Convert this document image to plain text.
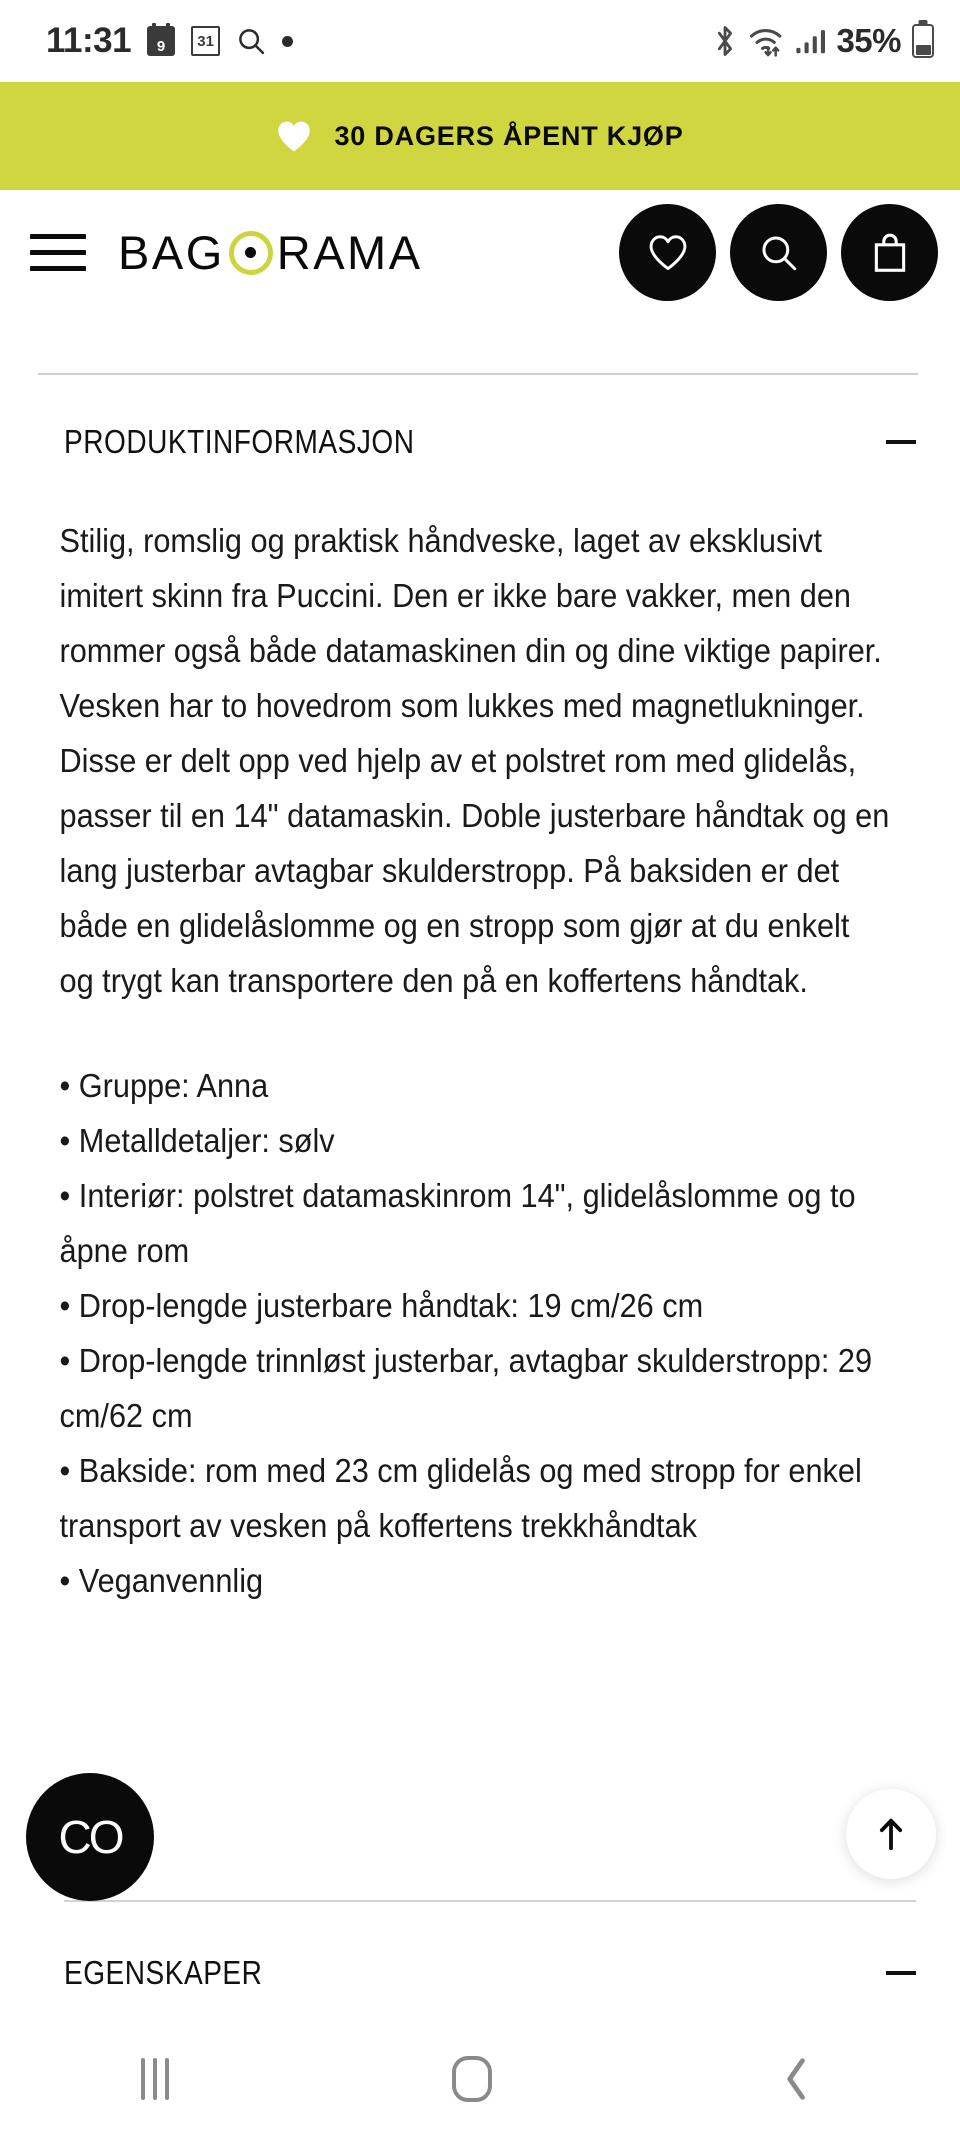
11:31 9 31	35%
30 DAGERS ÅPENT KJØP
BAG RAMA
PRODUKTINFORMASJON

Stilig, romslig og praktisk håndveske, laget av eksklusivt imitert skinn fra Puccini. Den er ikke bare vakker, men den rommer også både datamaskinen din og dine viktige papirer. Vesken har to hovedrom som lukkes med magnetlukninger. Disse er delt opp ved hjelp av et polstret rom med glidelås, passer til en 14" datamaskin. Doble justerbare håndtak og en lang justerbar avtagbar skulderstropp. På baksiden er det både en glidelåslomme og en stropp som gjør at du enkelt og trygt kan transportere den på en koffertens håndtak.

• Gruppe: Anna
• Metalldetaljer: sølv
• Interiør: polstret datamaskinrom 14", glidelåslomme og to åpne rom
• Drop-lengde justerbare håndtak: 19 cm/26 cm
• Drop-lengde trinnløst justerbar, avtagbar skulderstropp: 29 cm/62 cm
• Bakside: rom med 23 cm glidelås og med stropp for enkel transport av vesken på koffertens trekkhåndtak
• Veganvennlig
EGENSKAPER
CO
